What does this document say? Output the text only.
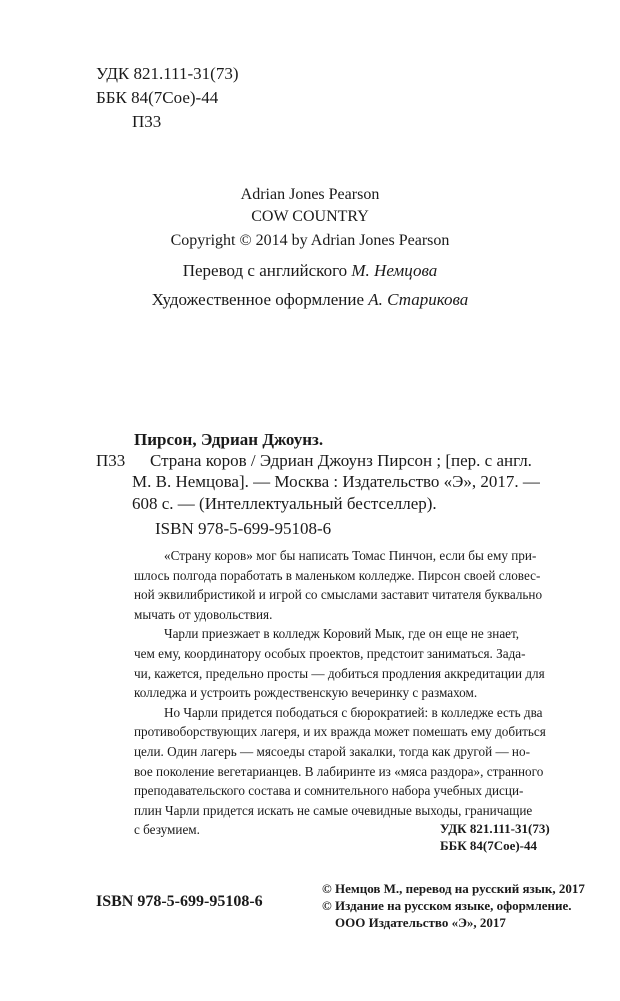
УДК 821.111-31(73)
ББК 84(7Сое)-44
П33
Adrian Jones Pearson
COW COUNTRY
Copyright © 2014 by Adrian Jones Pearson
Перевод с английского М. Немцова
Художественное оформление А. Старикова
Пирсон, Эдриан Джоунз.
П33 Страна коров / Эдриан Джоунз Пирсон ; [пер. с англ.
М. В. Немцова]. — Москва : Издательство «Э», 2017. —
608 с. — (Интеллектуальный бестселлер).
ISBN 978-5-699-95108-6

«Страну коров» мог бы написать Томас Пинчон, если бы ему при-

шлось полгода поработать в маленьком колледже. Пирсон своей словес-

ной эквилибристикой и игрой со смыслами заставит читателя буквально

мычать от удовольствия.

Чарли приезжает в колледж Коровий Мык, где он еще не знает,

чем ему, координатору особых проектов, предстоит заниматься. Зада-

чи, кажется, предельно просты — добиться продления аккредитации для

колледжа и устроить рождественскую вечеринку с размахом.

Но Чарли придется пободаться с бюрократией: в колледже есть два

противоборствующих лагеря, и их вражда может помешать ему добиться

цели. Один лагерь — мясоеды старой закалки, тогда как другой — но-

вое поколение вегетарианцев. В лабиринте из «мяса раздора», странного

преподавательского состава и сомнительного набора учебных дисци-

плин Чарли придется искать не самые очевидные выходы, граничащие

с безумием.	УДК 821.111-31(73)
ББК 84(7Сое)-44
ISBN 978-5-699-95108-6
© Немцов М., перевод на русский язык, 2017
© Издание на русском языке, оформление.
ООО Издательство «Э», 2017
